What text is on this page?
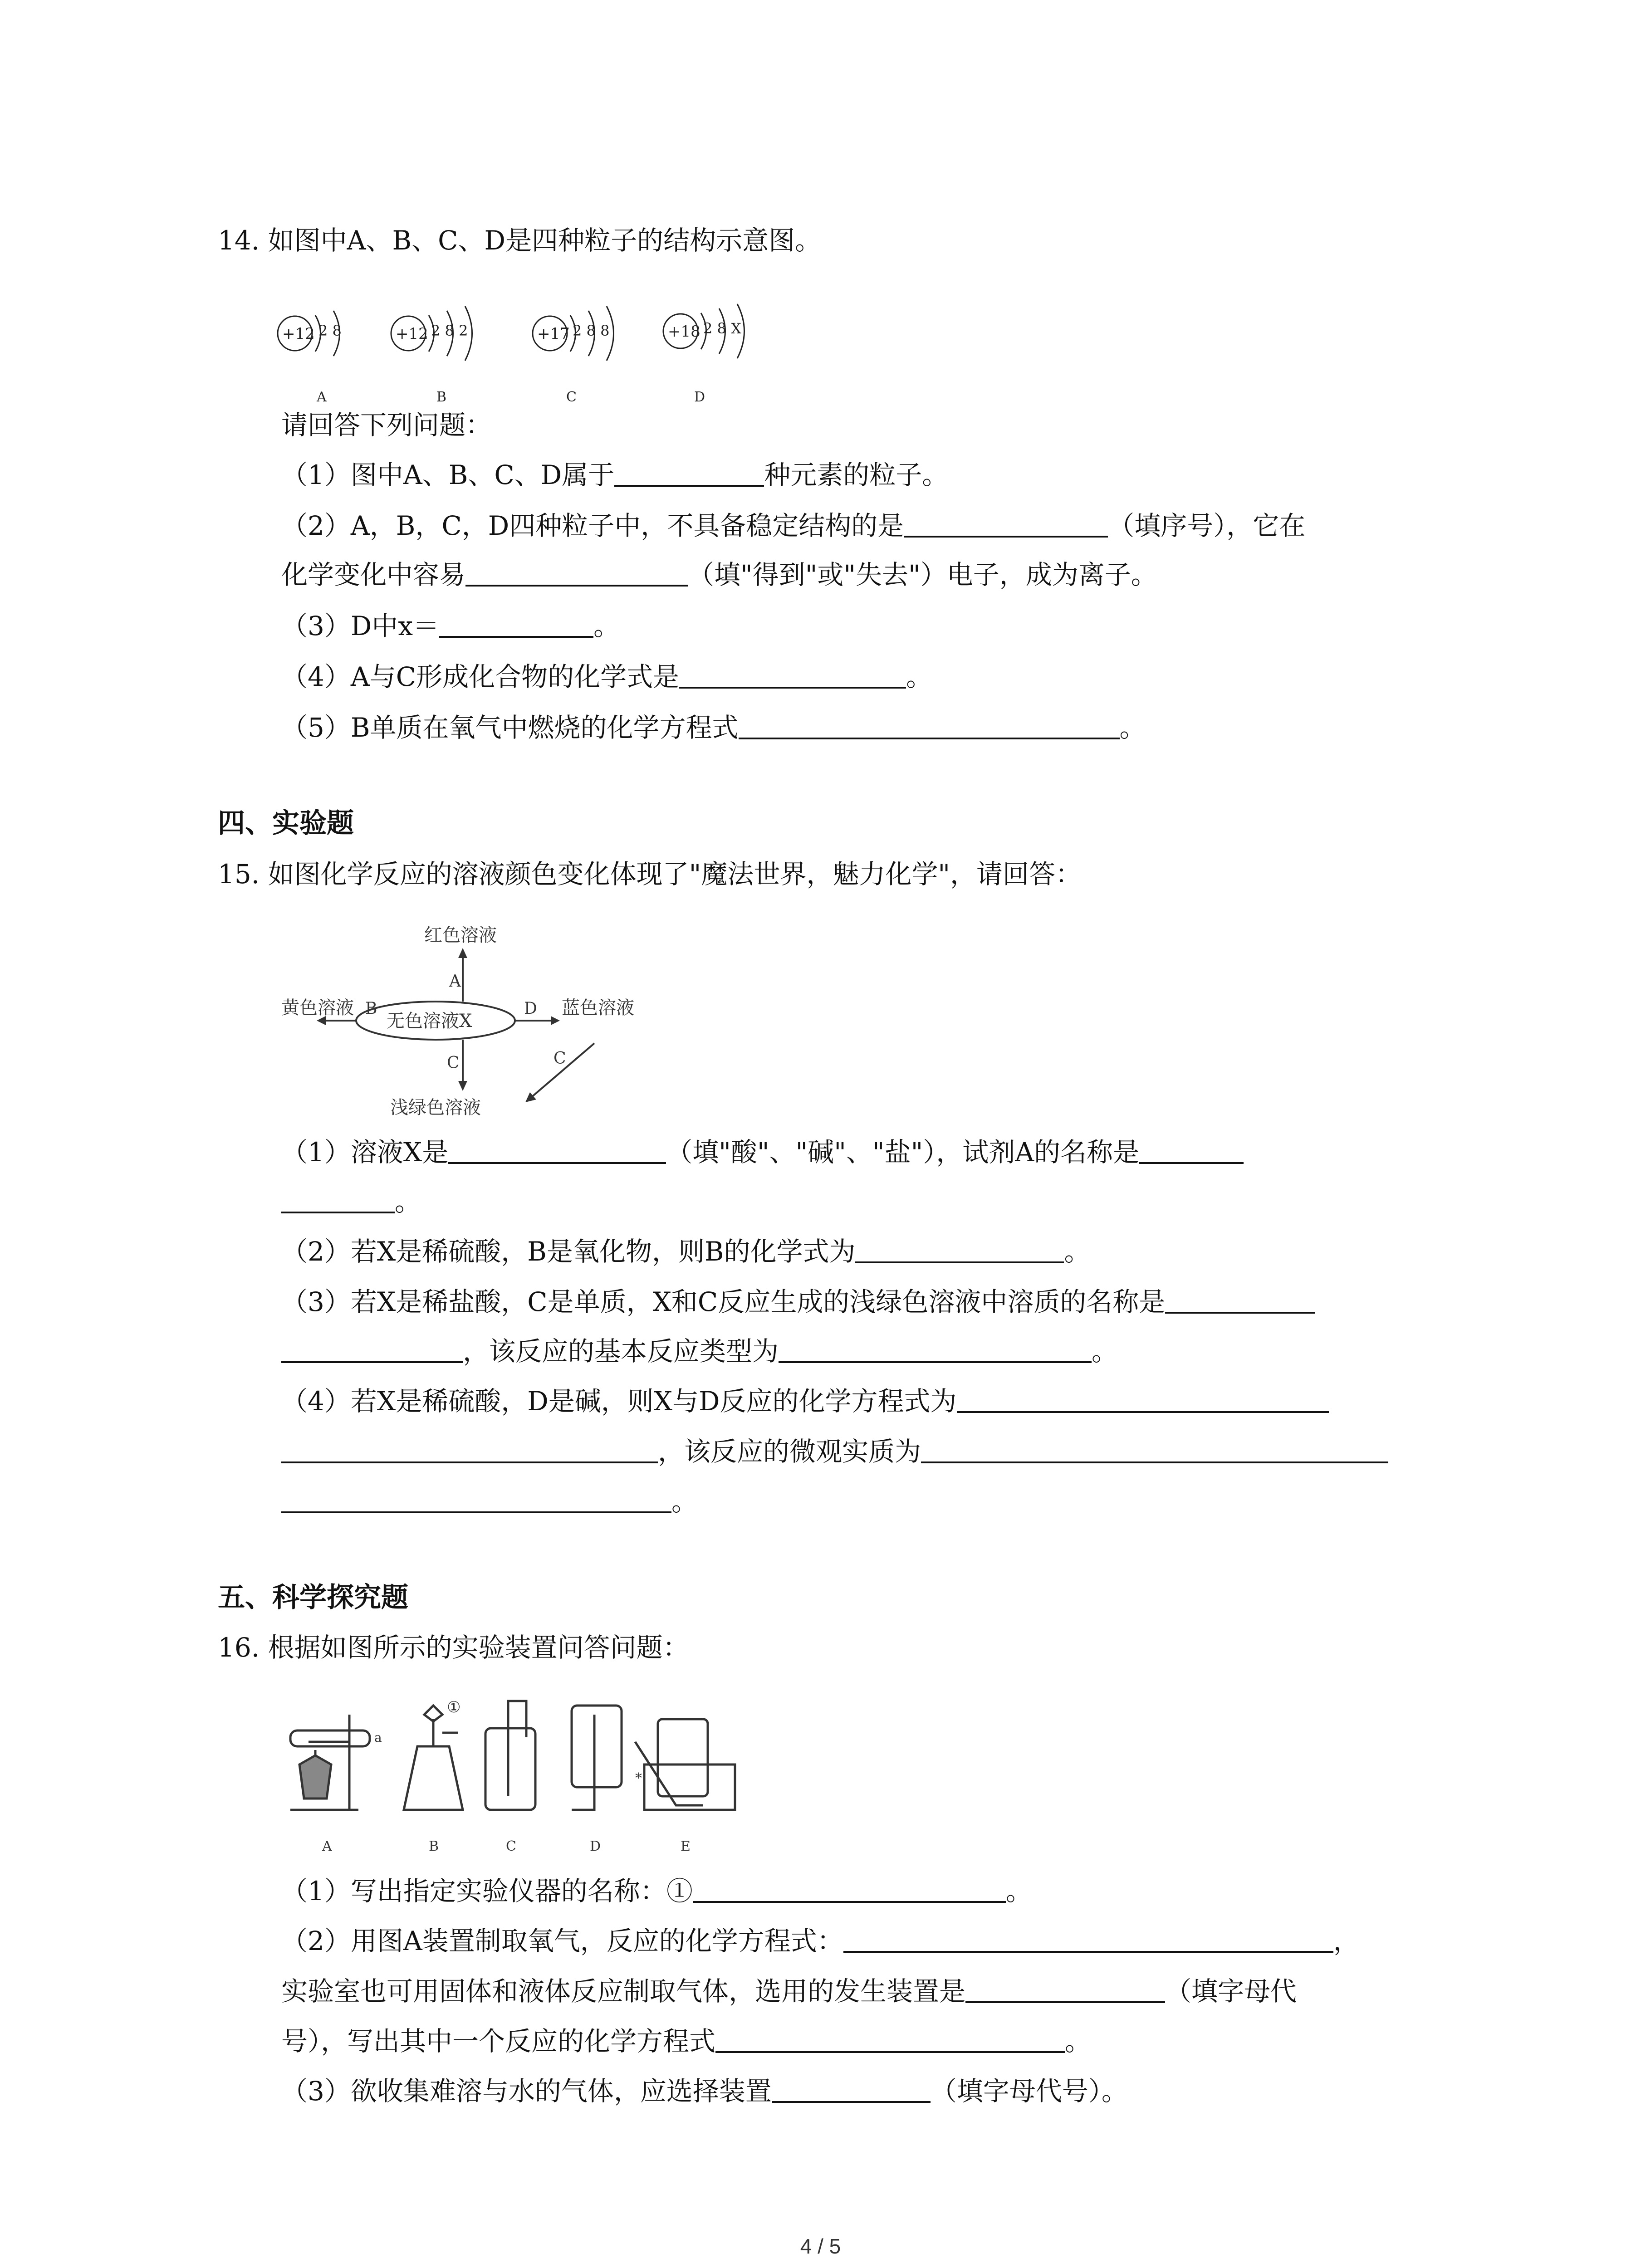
14. 如图中A、B、C、D是四种粒子的结构示意图。
+12 2 8
A
+12 2 8 2
B
+17 2 8 8
C
+18 2 8 X
D
请回答下列问题：
（1）图中A、B、C、D属于	种元素的粒子。
（2）A，B，C，D四种粒子中，不具备稳定结构的是	（填序号），它在
化学变化中容易	（填"得到"或"失去"）电子，成为离子。
（3）D中x＝	。
（4）A与C形成化合物的化学式是	。
（5）B单质在氧气中燃烧的化学方程式	。
四、实验题
15. 如图化学反应的溶液颜色变化体现了"魔法世界，魅力化学"，请回答：
无色溶液X
红色溶液
A
黄色溶液 B	蓝色溶液
D
C
浅绿色溶液
C
（1）溶液X是	（填"酸"、"碱"、"盐"），试剂A的名称是
。
（2）若X是稀硫酸，B是氧化物，则B的化学式为	。
（3）若X是稀盐酸，C是单质，X和C反应生成的浅绿色溶液中溶质的名称是
，该反应的基本反应类型为	。
（4）若X是稀硫酸，D是碱，则X与D反应的化学方程式为
，该反应的微观实质为
。
五、科学探究题
16. 根据如图所示的实验装置问答问题：
a
①
*
A	B	C	D	E
（1）写出指定实验仪器的名称：①	。
（2）用图A装置制取氧气，反应的化学方程式：	，
实验室也可用固体和液体反应制取气体，选用的发生装置是	（填字母代
号），写出其中一个反应的化学方程式	。
（3）欲收集难溶与水的气体，应选择装置	（填字母代号）。
4 / 5
